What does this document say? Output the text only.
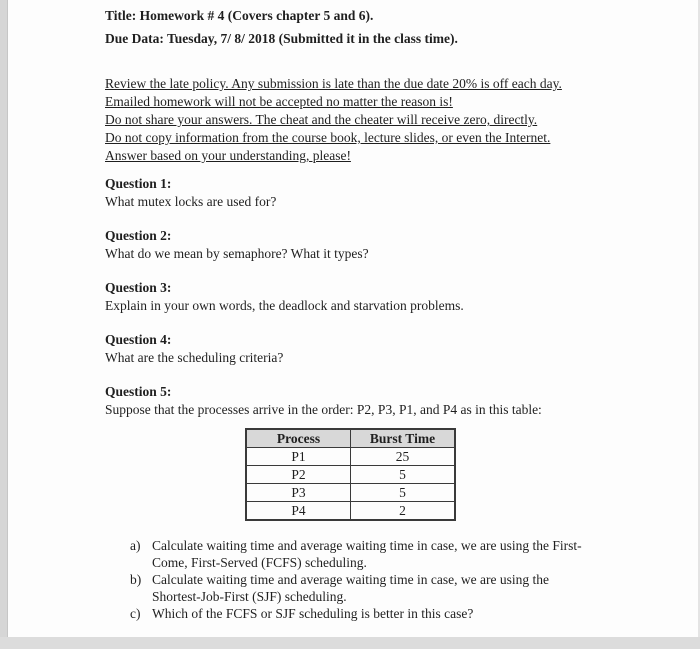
Title: Homework # 4 (Covers chapter 5 and 6).
Due Data: Tuesday, 7/ 8/ 2018 (Submitted it in the class time).
Review the late policy. Any submission is late than the due date 20% is off each day.
Emailed homework will not be accepted no matter the reason is!
Do not share your answers. The cheat and the cheater will receive zero, directly.
Do not copy information from the course book, lecture slides, or even the Internet.
Answer based on your understanding, please!
Question 1:
What mutex locks are used for?
Question 2:
What do we mean by semaphore? What it types?
Question 3:
Explain in your own words, the deadlock and starvation problems.
Question 4:
What are the scheduling criteria?
Question 5:
Suppose that the processes arrive in the order: P2, P3, P1, and P4 as in this table:
Process	Burst Time
P1	25
P2	5
P3	5
P4	2
a) Calculate waiting time and average waiting time in case, we are using the First-
Come, First-Served (FCFS) scheduling.
b) Calculate waiting time and average waiting time in case, we are using the
Shortest-Job-First (SJF) scheduling.
c) Which of the FCFS or SJF scheduling is better in this case?
